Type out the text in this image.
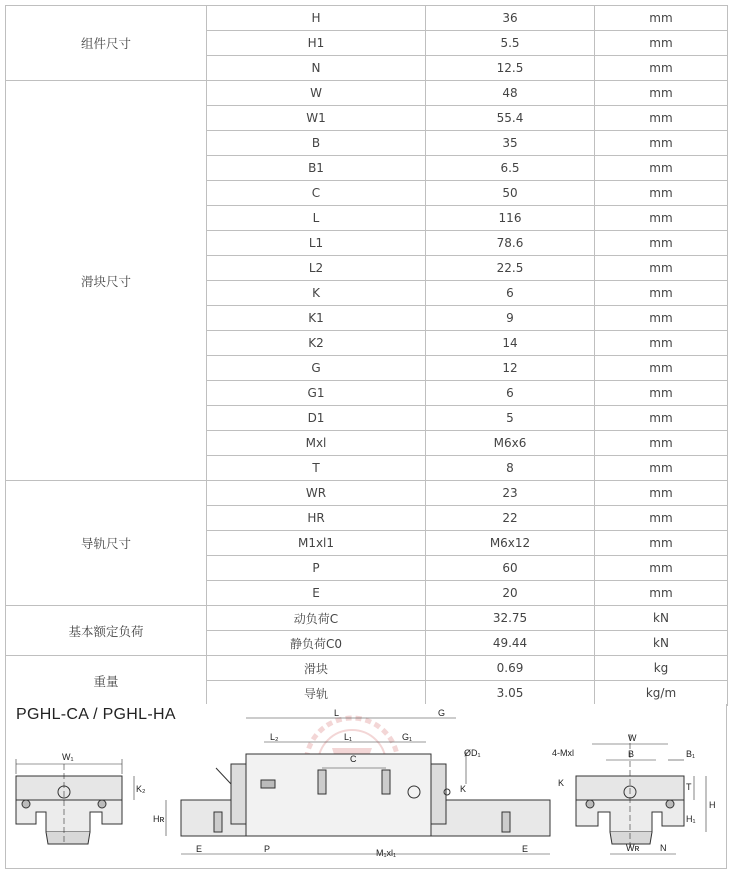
组件尺寸	H	36	mm
	H1	5.5	mm
	N	12.5	mm
滑块尺寸	W	48	mm
	W1	55.4	mm
	B	35	mm
	B1	6.5	mm
	C	50	mm
	L	116	mm
	L1	78.6	mm
	L2	22.5	mm
	K	6	mm
	K1	9	mm
	K2	14	mm
	G	12	mm
	G1	6	mm
	D1	5	mm
	Mxl	M6x6	mm
	T	8	mm
导轨尺寸	WR	23	mm
	HR	22	mm
	M1xl1	M6x12	mm
	P	60	mm
	E	20	mm
基本额定负荷	动负荷C	32.75	kN
	静负荷C0	49.44	kN
重量	滑块	0.69	kg
	导轨	3.05	kg/m
PGHL-CA / PGHL-HA
W₁
K₂
L	G
L₂	L₁	G₁
C
ØD₁
K
Hʀ
E	P	M₁xl₁	E
W
B	B₁
4-Mxl
K	T
H
H₁
Wʀ N
